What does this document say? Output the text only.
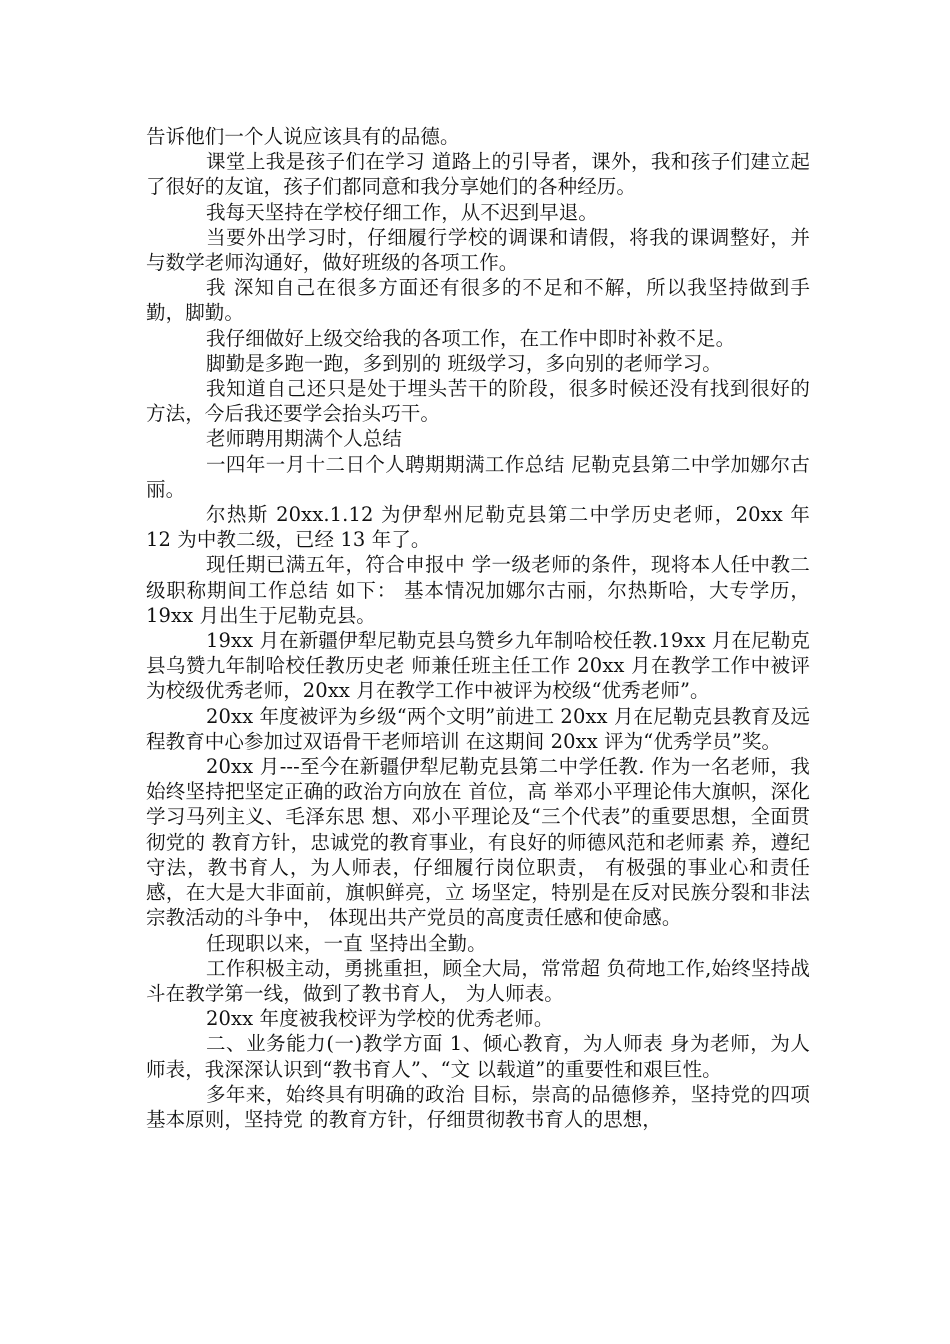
告诉他们一个人说应该具有的品德。

课堂上我是孩子们在学习 道路上的引导者，课外，我和孩子们建立起了很好的友谊，孩子们都同意和我分享她们的各种经历。

我每天坚持在学校仔细工作，从不迟到早退。

当要外出学习时，仔细履行学校的调课和请假，将我的课调整好，并与数学老师沟通好，做好班级的各项工作。

我 深知自己在很多方面还有很多的不足和不解，所以我坚持做到手勤，脚勤。

我仔细做好上级交给我的各项工作，在工作中即时补救不足。

脚勤是多跑一跑，多到别的 班级学习，多向别的老师学习。

我知道自己还只是处于埋头苦干的阶段，很多时候还没有找到很好的方法，今后我还要学会抬头巧干。

老师聘用期满个人总结

一四年一月十二日个人聘期期满工作总结 尼勒克县第二中学加娜尔古丽。

尔热斯 20xx.1.12 为伊犁州尼勒克县第二中学历史老师，20xx 年 12 为中教二级，已经 13 年了。

现任期已满五年，符合申报中 学一级老师的条件，现将本人任中教二级职称期间工作总结 如下： 基本情况加娜尔古丽，尔热斯哈，大专学历，19xx 月出生于尼勒克县。

19xx 月在新疆伊犁尼勒克县乌赞乡九年制哈校任教.19xx 月在尼勒克县乌赞九年制哈校任教历史老 师兼任班主任工作 20xx 月在教学工作中被评为校级优秀老师，20xx 月在教学工作中被评为校级“优秀老师”。

20xx 年度被评为乡级“两个文明”前进工 20xx 月在尼勒克县教育及远程教育中心参加过双语骨干老师培训 在这期间 20xx 评为“优秀学员”奖。

20xx 月---至今在新疆伊犁尼勒克县第二中学任教. 作为一名老师，我始终坚持把坚定正确的政治方向放在 首位，高 举邓小平理论伟大旗帜，深化学习马列主义、毛泽东思 想、邓小平理论及“三个代表”的重要思想，全面贯彻党的 教育方针，忠诚党的教育事业，有良好的师德风范和老师素 养，遵纪守法，教书育人，为人师表，仔细履行岗位职责， 有极强的事业心和责任感，在大是大非面前，旗帜鲜亮，立 场坚定，特别是在反对民族分裂和非法宗教活动的斗争中， 体现出共产党员的高度责任感和使命感。

任现职以来，一直 坚持出全勤。

工作积极主动，勇挑重担，顾全大局，常常超 负荷地工作,始终坚持战斗在教学第一线，做到了教书育人， 为人师表。

20xx 年度被我校评为学校的优秀老师。

二、业务能力(一)教学方面 1、倾心教育，为人师表 身为老师，为人师表，我深深认识到“教书育人”、“文 以载道”的重要性和艰巨性。

多年来，始终具有明确的政治 目标，崇高的品德修养，坚持党的四项基本原则，坚持党 的教育方针，仔细贯彻教书育人的思想，
